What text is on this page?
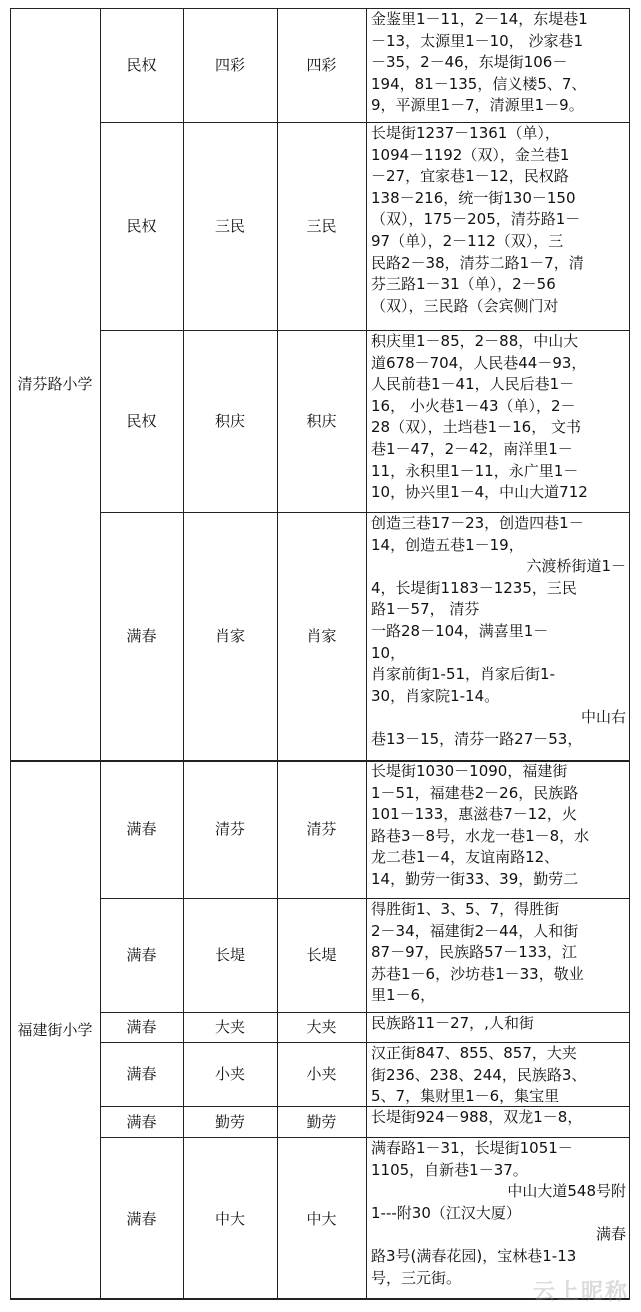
清芬路小学
民权	四彩	四彩
金鉴里1－11，2－14，东堤巷1
－13，太源里1－10， 沙家巷1
－35，2－46，东堤街106－
194，81－135，信义楼5、7、
9，平源里1－7，清源里1－9。
民权	三民	三民
长堤街1237－1361（单），
1094－1192（双），金兰巷1
－27，宜家巷1－12，民权路
138－216，统一街130－150
（双），175－205，清芬路1－
97（单），2－112（双），三
民路2－38，清芬二路1－7，清
芬三路1－31（单），2－56
（双），三民路（会宾侧门对
民权	积庆	积庆
积庆里1－85，2－88，中山大
道678－704，人民巷44－93，
人民前巷1－41，人民后巷1－
16， 小火巷1－43（单），2－
28（双），土垱巷1－16， 文书
巷1－47，2－42，南洋里1－
11，永积里1－11，永广里1－
10，协兴里1－4，中山大道712
满春	肖家	肖家
创造三巷17－23，创造四巷1－
14，创造五巷1－19，
六渡桥街道1－
4，长堤街1183－1235，三民
路1－57， 清芬
一路28－104，满喜里1－
10，
肖家前街1-51，肖家后街1-
30，肖家院1-14。
中山右
巷13－15，清芬一路27－53，
福建街小学
满春	清芬	清芬
长堤街1030－1090，福建街
1－51，福建巷2－26，民族路
101－133，惠滋巷7－12，火
路巷3－8号，水龙一巷1－8，水
龙二巷1－4，友谊南路12、
14，勤劳一街33、39，勤劳二
满春	长堤	长堤
得胜街1、3、5、7，得胜街
2－34，福建街2－44，人和街
87－97，民族路57－133，江
苏巷1－6，沙坊巷1－33，敬业
里1－6，
满春	大夹	大夹 民族路11－27，,人和街
满春	小夹	小夹
汉正街847、855、857，大夹
街236、238、244，民族路3、
5、7，集财里1－6，集宝里
满春	勤劳	勤劳 长堤街924－988，双龙1－8，
满春	中大	中大
满春路1－31，长堤街1051－
1105，自新巷1－37。
中山大道548号附
1---附30（江汉大厦）
满春
路3号(满春花园)，宝林巷1-13
号，三元街。
云上昵称
